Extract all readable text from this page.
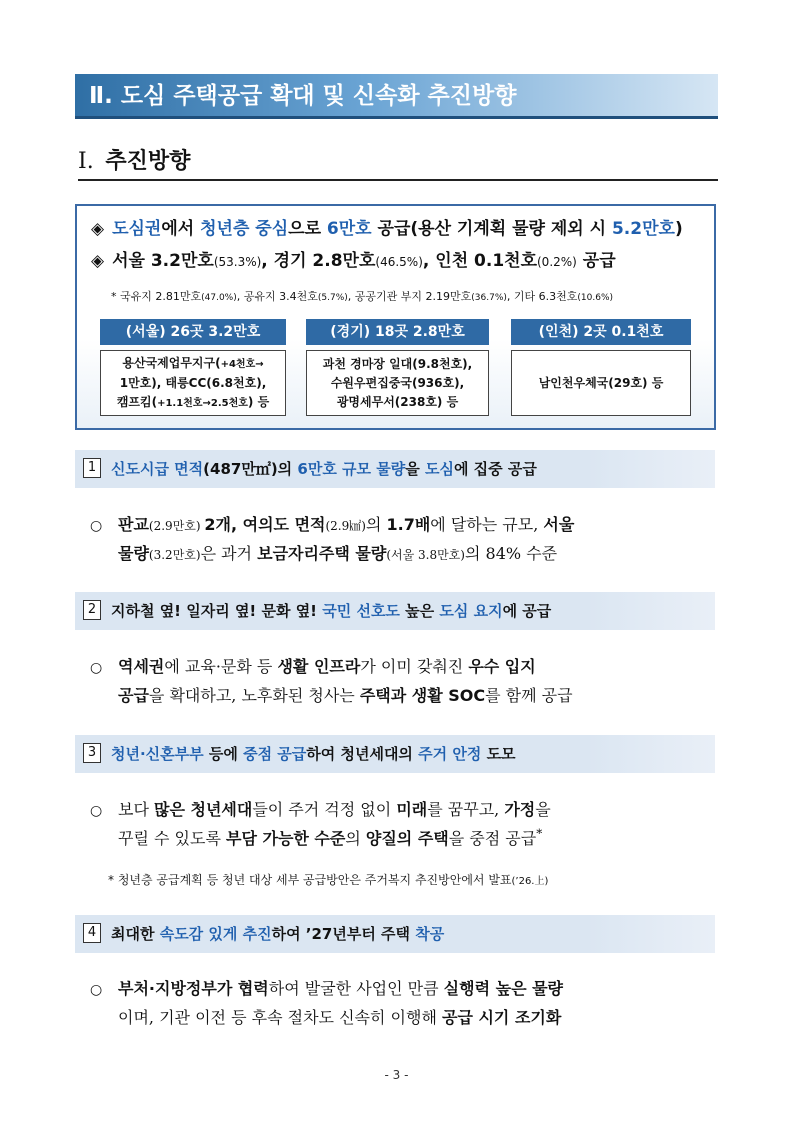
Ⅱ. 도심 주택공급 확대 및 신속화 추진방향
Ⅰ. 추진방향
◈ 도심권에서 청년층 중심으로 6만호 공급(용산 기계획 물량 제외 시 5.2만호)
◈ 서울 3.2만호(53.3%), 경기 2.8만호(46.5%), 인천 0.1천호(0.2%) 공급
* 국유지 2.81만호(47.0%), 공유지 3.4천호(5.7%), 공공기관 부지 2.19만호(36.7%), 기타 6.3천호(10.6%)
(서울) 26곳 3.2만호	(경기) 18곳 2.8만호	(인천) 2곳 0.1천호
용산국제업무지구(+4천호→
1만호), 태릉CC(6.8천호),
캠프킴(+1.1천호→2.5천호) 등
과천 경마장 일대(9.8천호),
수원우편집중국(936호),
광명세무서(238호) 등
남인천우체국(29호) 등
1 신도시급 면적(487만㎡)의 6만호 규모 물량을 도심에 집중 공급
○ 판교(2.9만호) 2개, 여의도 면적(2.9㎢)의 1.7배에 달하는 규모, 서울
물량(3.2만호)은 과거 보금자리주택 물량(서울 3.8만호)의 84% 수준
2 지하철 옆! 일자리 옆! 문화 옆! 국민 선호도 높은 도심 요지에 공급
○ 역세권에 교육·문화 등 생활 인프라가 이미 갖춰진 우수 입지
공급을 확대하고, 노후화된 청사는 주택과 생활 SOC를 함께 공급
3 청년·신혼부부 등에 중점 공급하여 청년세대의 주거 안정 도모
○ 보다 많은 청년세대들이 주거 걱정 없이 미래를 꿈꾸고, 가정을
꾸릴 수 있도록 부담 가능한 수준의 양질의 주택을 중점 공급*
* 청년층 공급계획 등 청년 대상 세부 공급방안은 주거복지 추진방안에서 발표(’26.上)
4 최대한 속도감 있게 추진하여 ’27년부터 주택 착공
○ 부처·지방정부가 협력하여 발굴한 사업인 만큼 실행력 높은 물량
이며, 기관 이전 등 후속 절차도 신속히 이행해 공급 시기 조기화
- 3 -
